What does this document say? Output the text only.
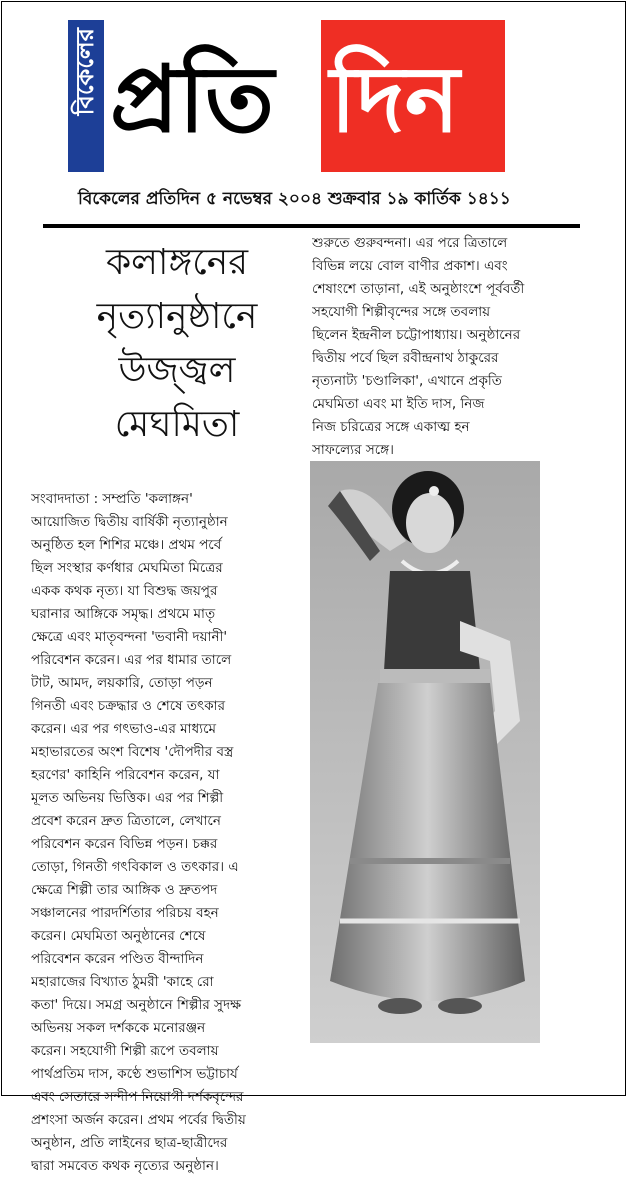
বিকেলের প্রতি দিন
বিকেলের প্রতিদিন ৫ নভেম্বর ২০০৪ শুক্রবার ১৯ কার্তিক ১৪১১
কলাঙ্গনের
নৃত্যানুষ্ঠানে
উজ্জ্বল
মেঘমিতা
সংবাদদাতা : সম্প্রতি 'কলাঙ্গন'
আয়োজিত দ্বিতীয় বার্ষিকী নৃত্যানুষ্ঠান
অনুষ্ঠিত হল শিশির মঞ্চে। প্রথম পর্বে
ছিল সংস্থার কর্ণধার মেঘমিতা মিত্রের
একক কথক নৃত্য। যা বিশুদ্ধ জয়পুর
ঘরানার আঙ্গিকে সমৃদ্ধ। প্রথমে মাতৃ
ক্ষেত্রে এবং মাতৃবন্দনা 'ভবানী দয়ানী'
পরিবেশন করেন। এর পর ধামার তালে
টাট, আমদ, লয়কারি, তোড়া পড়ন
গিনতী এবং চক্রদ্ধার ও শেষে তৎকার
করেন। এর পর গৎভাও-এর মাধ্যমে
মহাভারতের অংশ বিশেষ 'দৌপদীর বস্ত্র
হরণের' কাহিনি পরিবেশন করেন, যা
মূলত অভিনয় ভিত্তিক। এর পর শিল্পী
প্রবেশ করেন দ্রুত ত্রিতালে, লেখানে
পরিবেশন করেন বিভিন্ন পড়ন। চক্কর
তোড়া, গিনতী গৎবিকাল ও তৎকার। এ
ক্ষেত্রে শিল্পী তার আঙ্গিক ও দ্রুতপদ
সঞ্চালনের পারদর্শিতার পরিচয় বহন
করেন। মেঘমিতা অনুষ্ঠানের শেষে
পরিবেশন করেন পণ্ডিত বীন্দাদিন
মহারাজের বিখ্যাত ঠুমরী 'কাহে রো
কতা' দিয়ে। সমগ্র অনুষ্ঠানে শিল্পীর সুদক্ষ
অভিনয় সকল দর্শককে মনোরঞ্জন
করেন। সহযোগী শিল্পী রূপে তবলায়
পার্থপ্রতিম দাস, কণ্ঠে শুভাশিস ভট্টাচার্য
এবং সেতারে সন্দীপ নিয়োগী দর্শকবৃন্দের
প্রশংসা অর্জন করেন। প্রথম পর্বের দ্বিতীয়
অনুষ্ঠান, প্রতি লাইনের ছাত্র-ছাত্রীদের
দ্বারা সমবেত কথক নৃত্যের অনুষ্ঠান।
শুরুতে গুরুবন্দনা। এর পরে ত্রিতালে
বিভিন্ন লয়ে বোল বাণীর প্রকাশ। এবং
শেষাংশে তাড়ানা, এই অনুষ্ঠাংশে পূর্ববর্তী
সহযোগী শিল্পীবৃন্দের সঙ্গে তবলায়
ছিলেন ইন্দ্রনীল চট্টোপাধ্যায়। অনুষ্ঠানের
দ্বিতীয় পর্বে ছিল রবীন্দ্রনাথ ঠাকুরের
নৃত্যনাট্য 'চণ্ডালিকা', এখানে প্রকৃতি
মেঘমিতা এবং মা ইতি দাস, নিজ
নিজ চরিত্রের সঙ্গে একাত্ম হন
সাফল্যের সঙ্গে।
